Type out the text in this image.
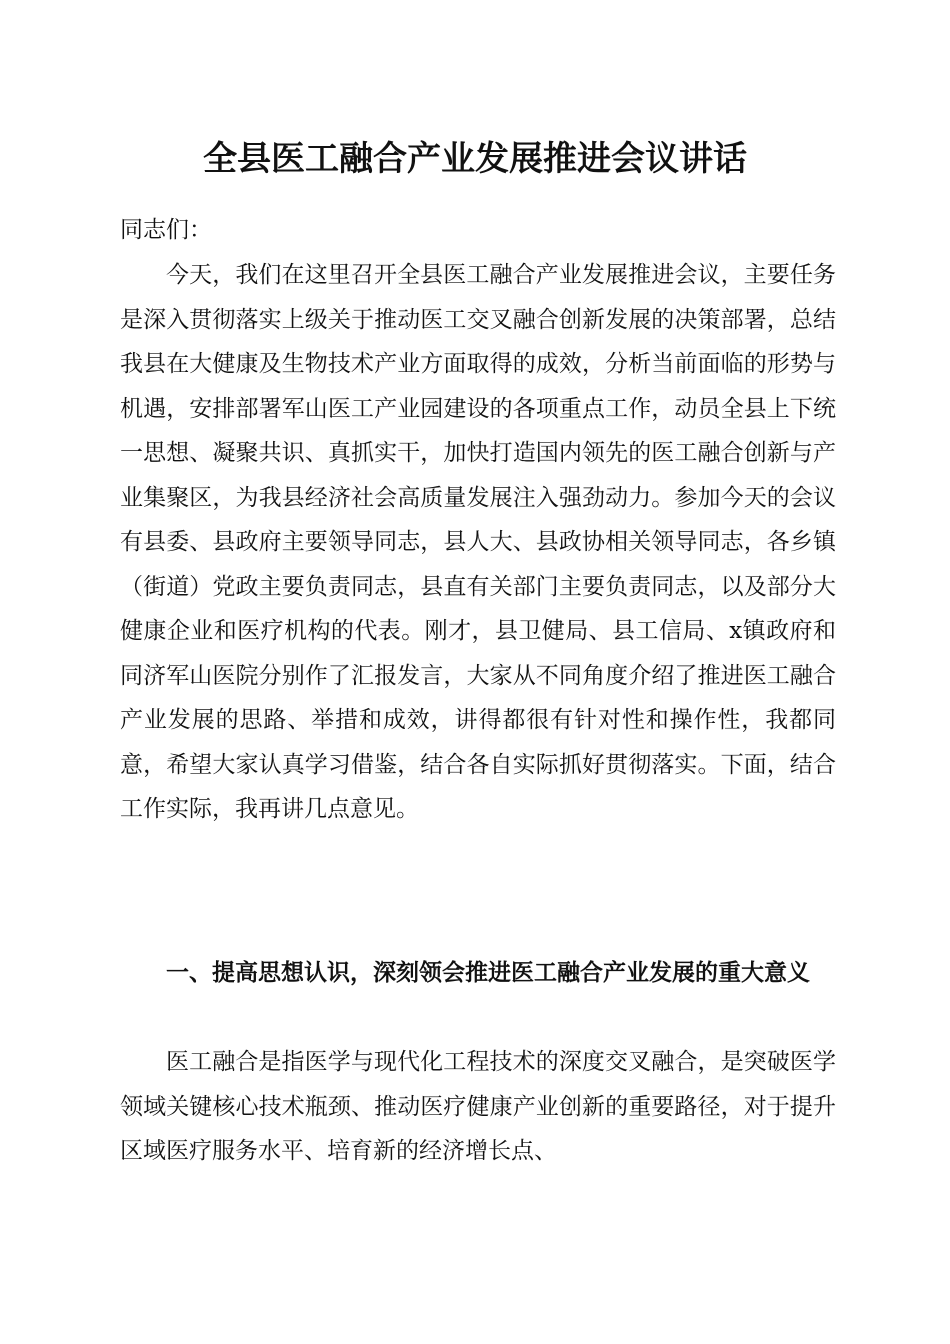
全县医工融合产业发展推进会议讲话

同志们：

今天，我们在这里召开全县医工融合产业发展推进会议，主要任务是深入贯彻落实上级关于推动医工交叉融合创新发展的决策部署，总结我县在大健康及生物技术产业方面取得的成效，分析当前面临的形势与机遇，安排部署军山医工产业园建设的各项重点工作，动员全县上下统一思想、凝聚共识、真抓实干，加快打造国内领先的医工融合创新与产业集聚区，为我县经济社会高质量发展注入强劲动力。参加今天的会议有县委、县政府主要领导同志，县人大、县政协相关领导同志，各乡镇（街道）党政主要负责同志，县直有关部门主要负责同志，以及部分大健康企业和医疗机构的代表。刚才，县卫健局、县工信局、x镇政府和同济军山医院分别作了汇报发言，大家从不同角度介绍了推进医工融合产业发展的思路、举措和成效，讲得都很有针对性和操作性，我都同意，希望大家认真学习借鉴，结合各自实际抓好贯彻落实。下面，结合工作实际，我再讲几点意见。

一、提高思想认识，深刻领会推进医工融合产业发展的重大意义

医工融合是指医学与现代化工程技术的深度交叉融合，是突破医学领域关键核心技术瓶颈、推动医疗健康产业创新的重要路径，对于提升区域医疗服务水平、培育新的经济增长点、
